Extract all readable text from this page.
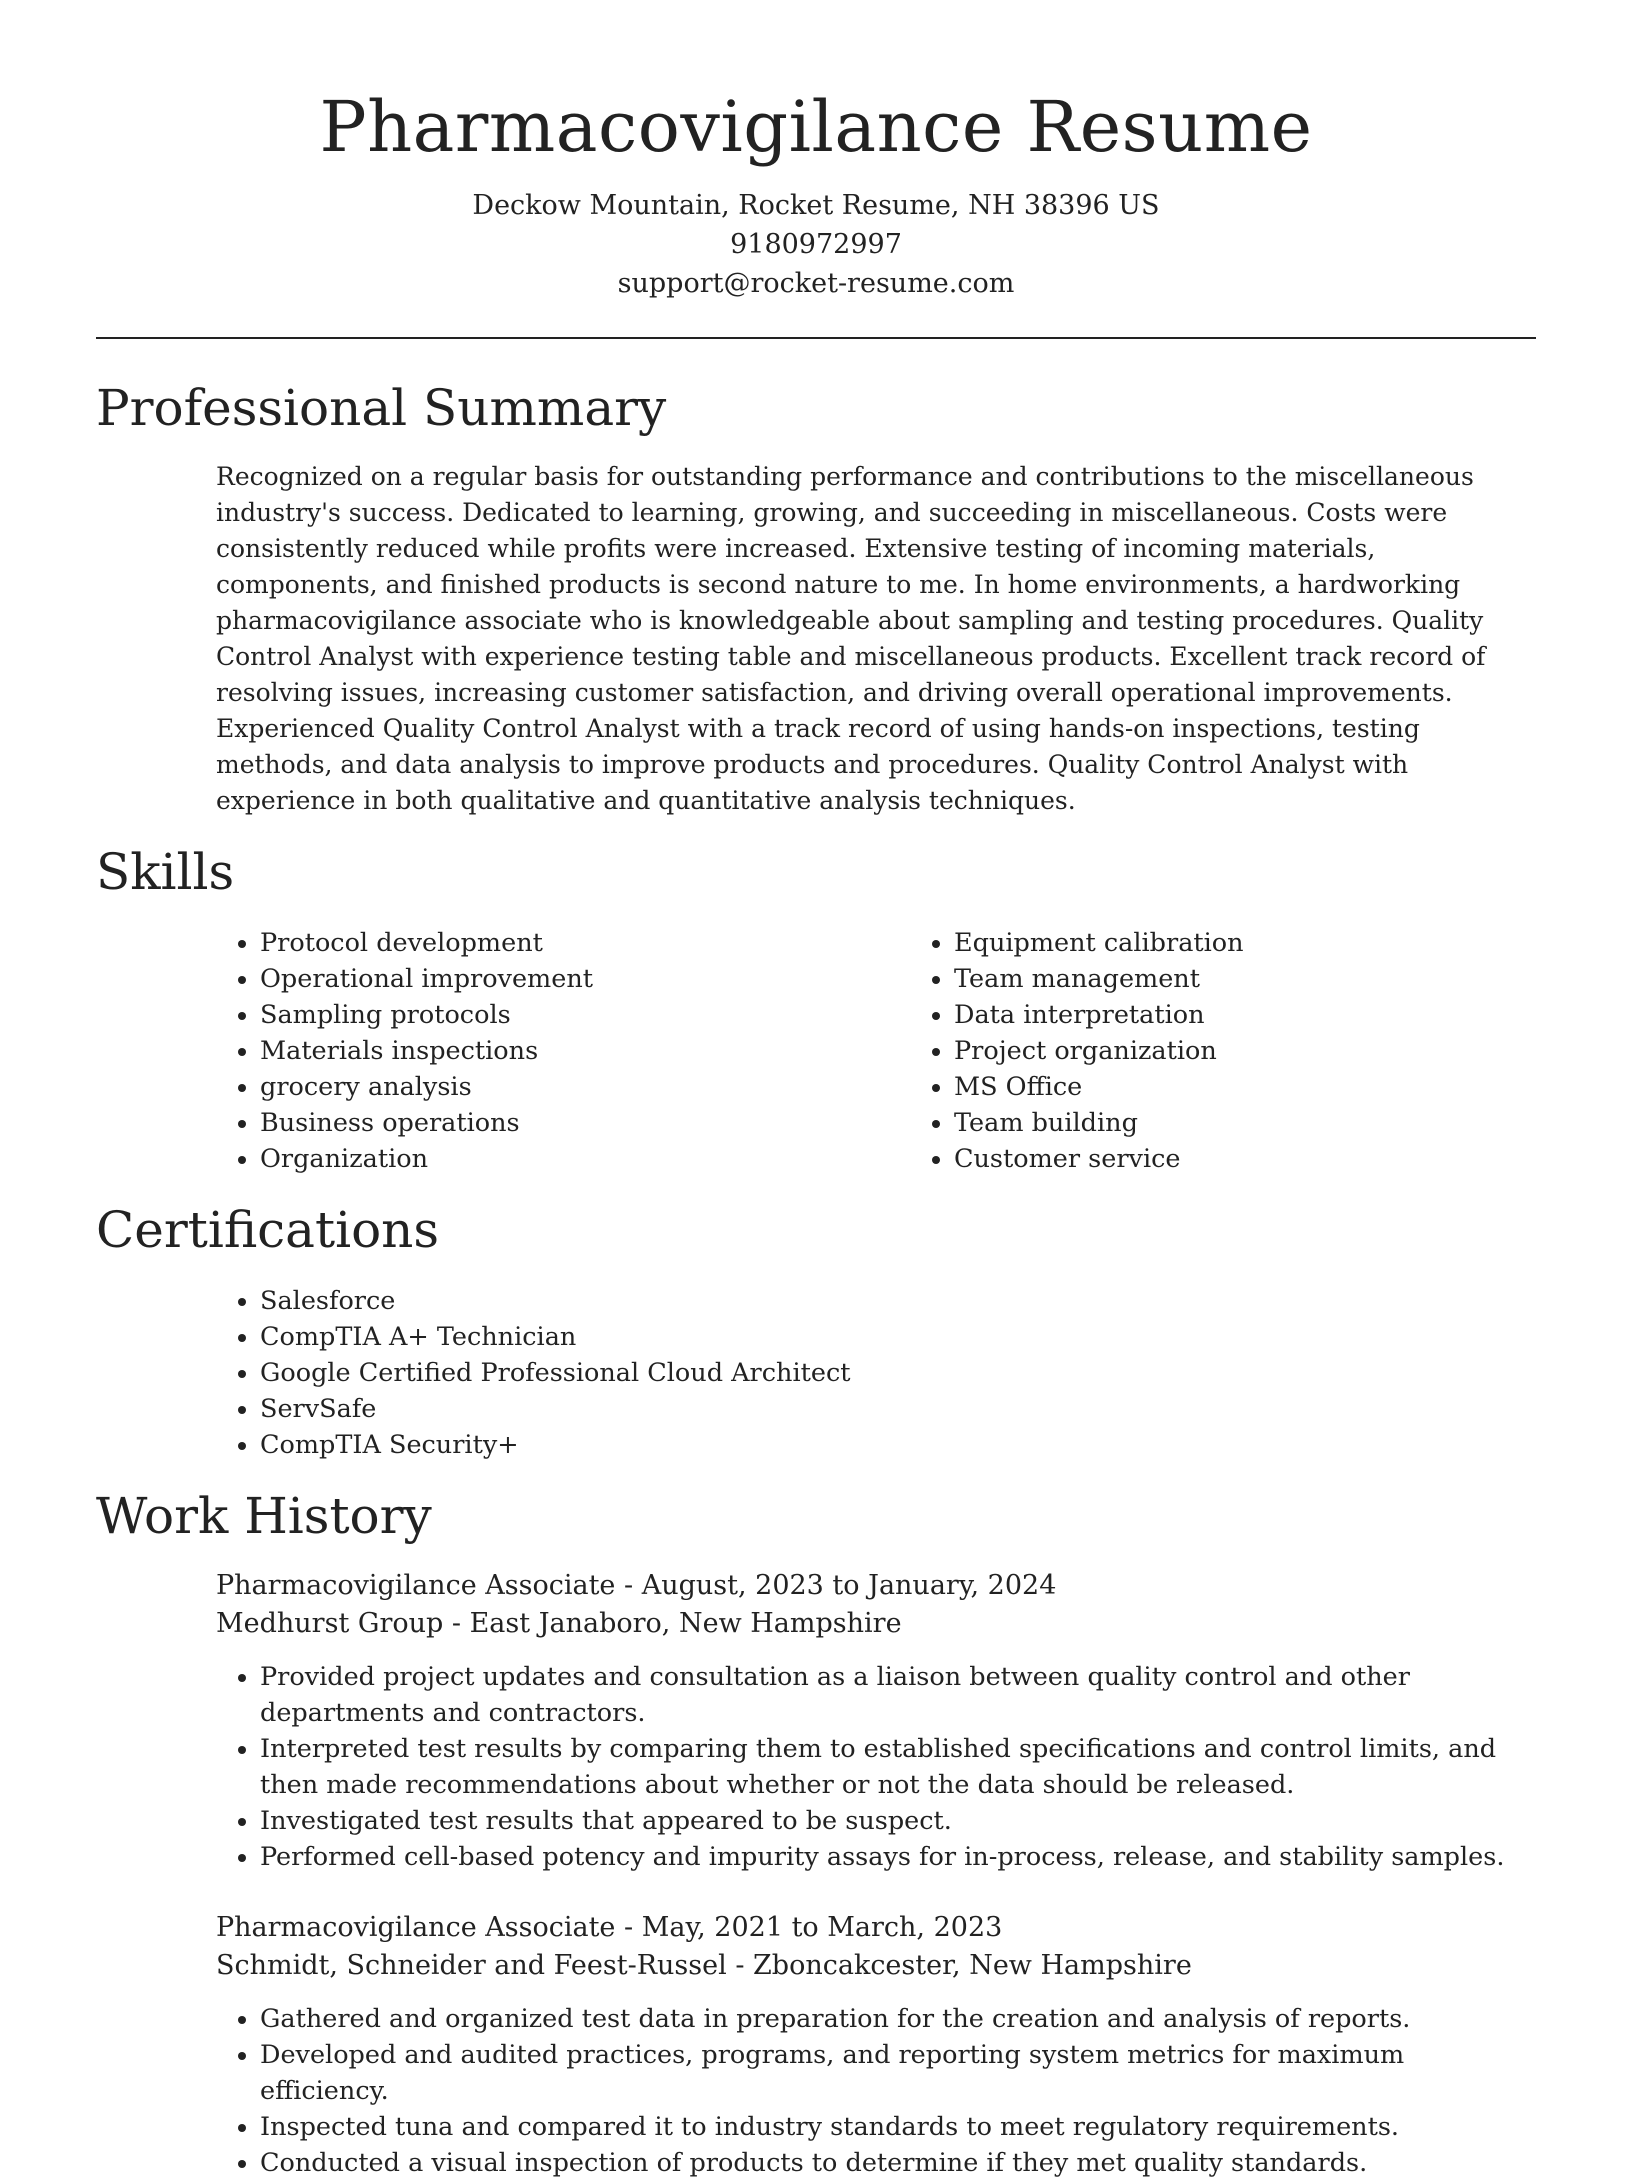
Pharmacovigilance Resume
Deckow Mountain, Rocket Resume, NH 38396 US
9180972997
support@rocket-resume.com
Professional Summary

Recognized on a regular basis for outstanding performance and contributions to the miscellaneous industry's success. Dedicated to learning, growing, and succeeding in miscellaneous. Costs were consistently reduced while profits were increased. Extensive testing of incoming materials, components, and finished products is second nature to me. In home environments, a hardworking pharmacovigilance associate who is knowledgeable about sampling and testing procedures. Quality Control Analyst with experience testing table and miscellaneous products. Excellent track record of resolving issues, increasing customer satisfaction, and driving overall operational improvements. Experienced Quality Control Analyst with a track record of using hands-on inspections, testing methods, and data analysis to improve products and procedures. Quality Control Analyst with experience in both qualitative and quantitative analysis techniques.

Skills
• Protocol development
• Operational improvement
• Sampling protocols
• Materials inspections
• grocery analysis
• Business operations
• Organization
• Equipment calibration
• Team management
• Data interpretation
• Project organization
• MS Office
• Team building
• Customer service
Certifications
• Salesforce
• CompTIA A+ Technician
• Google Certified Professional Cloud Architect
• ServSafe
• CompTIA Security+
Work History
Pharmacovigilance Associate - August, 2023 to January, 2024
Medhurst Group - East Janaboro, New Hampshire
• Provided project updates and consultation as a liaison between quality control and other departments and contractors.
• Interpreted test results by comparing them to established specifications and control limits, and then made recommendations about whether or not the data should be released.
• Investigated test results that appeared to be suspect.
• Performed cell-based potency and impurity assays for in-process, release, and stability samples.
Pharmacovigilance Associate - May, 2021 to March, 2023
Schmidt, Schneider and Feest-Russel - Zboncakcester, New Hampshire
• Gathered and organized test data in preparation for the creation and analysis of reports.
• Developed and audited practices, programs, and reporting system metrics for maximum efficiency.
• Inspected tuna and compared it to industry standards to meet regulatory requirements.
• Conducted a visual inspection of products to determine if they met quality standards.
